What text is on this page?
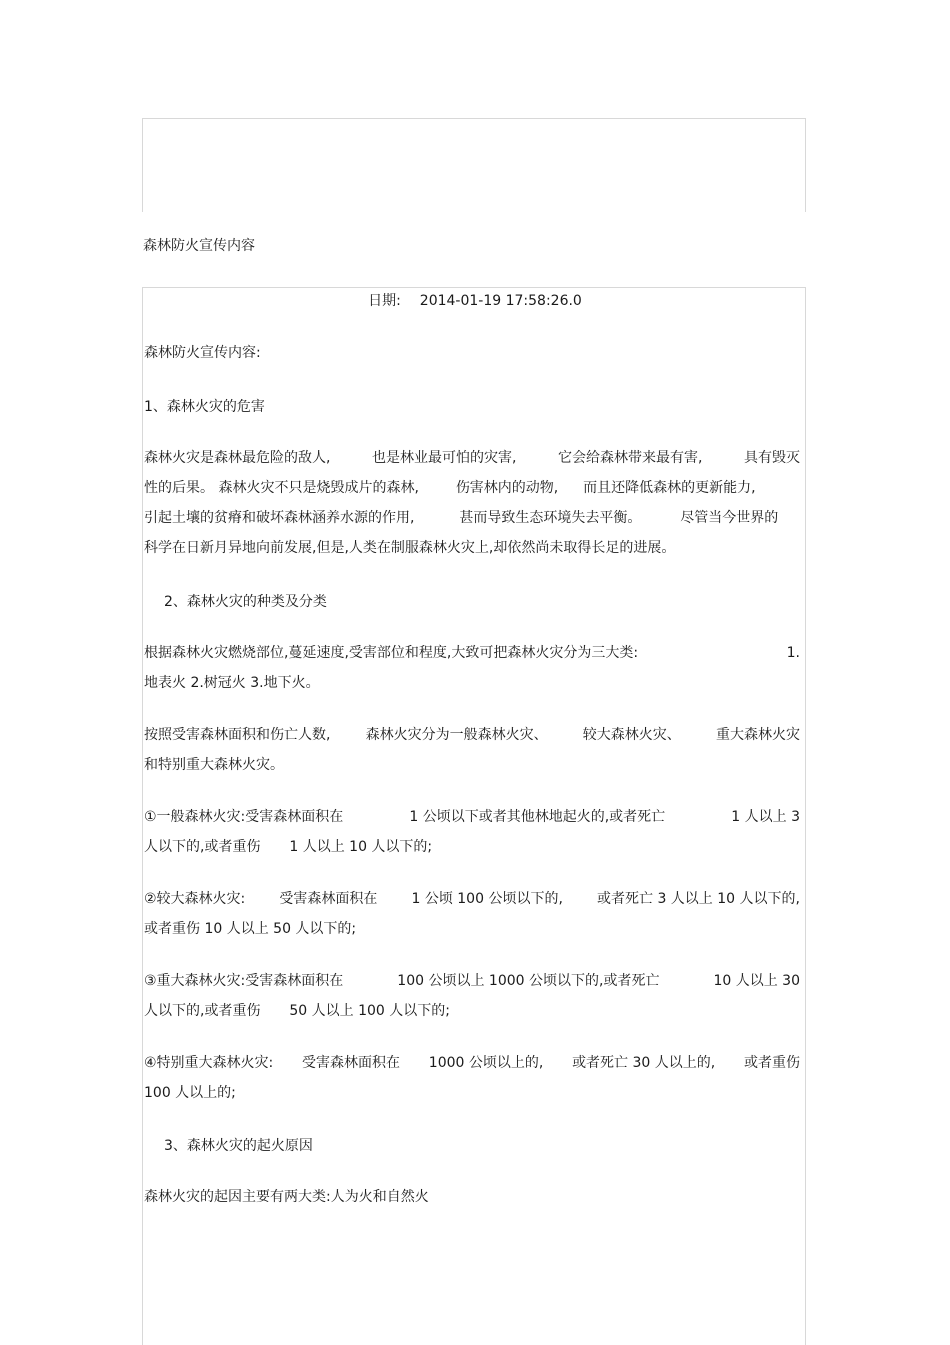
森林防火宣传内容
日期: 2014-01-19 17:58:26.0
森林防火宣传内容:
1、森林火灾的危害
森林火灾是森林最危险的敌人,	也是林业最可怕的灾害,	它会给森林带来最有害,	具有毁灭
性的后果。 森林火灾不只是烧毁成片的森林,	伤害林内的动物, 而且还降低森林的更新能力,
引起土壤的贫瘠和破坏森林涵养水源的作用,	甚而导致生态环境失去平衡。	尽管当今世界的
科学在日新月异地向前发展,但是,人类在制服森林火灾上,却依然尚未取得长足的进展。
2、森林火灾的种类及分类
根据森林火灾燃烧部位,蔓延速度,受害部位和程度,大致可把森林火灾分为三大类:	1.
地表火 2.树冠火 3.地下火。
按照受害森林面积和伤亡人数,	森林火灾分为一般森林火灾、	较大森林火灾、	重大森林火灾
和特别重大森林火灾。
①一般森林火灾:受害森林面积在	1 公顷以下或者其他林地起火的,或者死亡	1 人以上 3
人以下的,或者重伤 1 人以上 10 人以下的;
②较大森林火灾: 受害森林面积在 1 公顷 100 公顷以下的, 或者死亡 3 人以上 10 人以下的,
或者重伤 10 人以上 50 人以下的;
③重大森林火灾:受害森林面积在	100 公顷以上 1000 公顷以下的,或者死亡	10 人以上 30
人以下的,或者重伤 50 人以上 100 人以下的;
④特别重大森林火灾: 受害森林面积在 1000 公顷以上的, 或者死亡 30 人以上的, 或者重伤
100 人以上的;
3、森林火灾的起火原因
森林火灾的起因主要有两大类:人为火和自然火
